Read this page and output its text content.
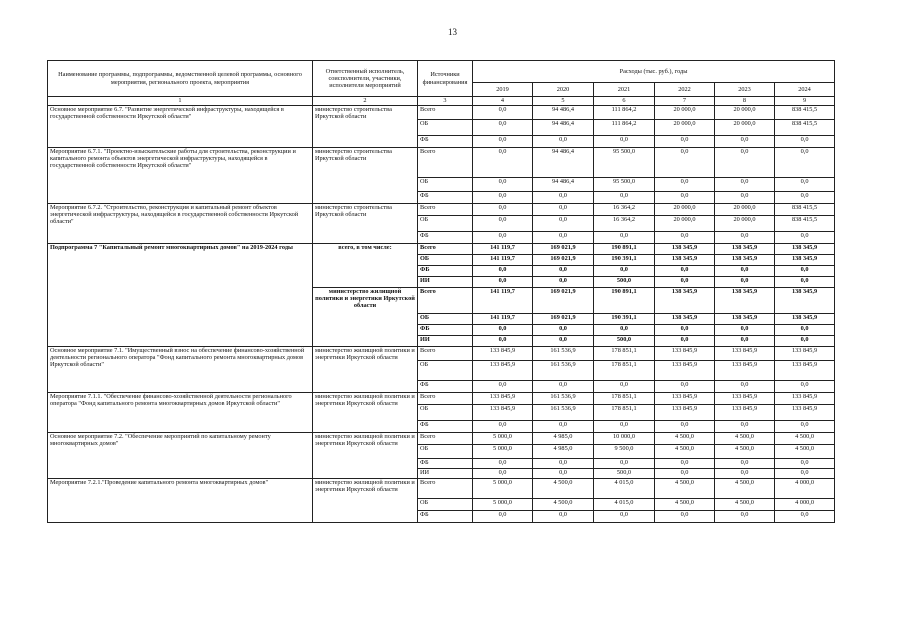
13
Наименование программы, подпрограммы, ведомственной целевой программы, основного мероприятия, регионального проекта, мероприятия	Ответственный исполнитель, соисполнители, участники, исполнители мероприятий	Источники финансирования	Расходы (тыс. руб.), годы					
			2019	2020	2021	2022	2023	2024
1	2	3	4	5	6	7	8	9
Основное мероприятие 6.7. "Развитие энергетической инфраструктуры, находящейся в государственной собственности Иркутской области"	министерство строительства Иркутской области	Всего	0,0	94 486,4	111 864,2	20 000,0	20 000,0	838 415,5
		ОБ	0,0	94 486,4	111 864,2	20 000,0	20 000,0	838 415,5
		ФБ	0,0	0,0	0,0	0,0	0,0	0,0
Мероприятие 6.7.1. "Проектно-изыскательские работы для строительства, реконструкции и капитального ремонта объектов энергетической инфраструктуры, находящейся в государственной собственности Иркутской области"	министерство строительства Иркутской области	Всего	0,0	94 486,4	95 500,0	0,0	0,0	0,0
		ОБ	0,0	94 486,4	95 500,0	0,0	0,0	0,0
		ФБ	0,0	0,0	0,0	0,0	0,0	0,0
Мероприятие 6.7.2. "Строительство, реконструкция и капитальный ремонт объектов энергетической инфраструктуры, находящейся в государственной собственности Иркутской области"	министерство строительства Иркутской области	Всего	0,0	0,0	16 364,2	20 000,0	20 000,0	838 415,5
		ОБ	0,0	0,0	16 364,2	20 000,0	20 000,0	838 415,5
		ФБ	0,0	0,0	0,0	0,0	0,0	0,0
Подпрограмма 7 "Капитальный ремонт многоквартирных домов" на 2019-2024 годы	всего, в том числе:	Всего	141 119,7	169 021,9	190 891,1	138 345,9	138 345,9	138 345,9
		ОБ	141 119,7	169 021,9	190 391,1	138 345,9	138 345,9	138 345,9
		ФБ	0,0	0,0	0,0	0,0	0,0	0,0
		ИИ	0,0	0,0	500,0	0,0	0,0	0,0
	министерство жилищной политики и энергетики Иркутской области	Всего	141 119,7	169 021,9	190 891,1	138 345,9	138 345,9	138 345,9
		ОБ	141 119,7	169 021,9	190 391,1	138 345,9	138 345,9	138 345,9
		ФБ	0,0	0,0	0,0	0,0	0,0	0,0
		ИИ	0,0	0,0	500,0	0,0	0,0	0,0
Основное мероприятие 7.1. "Имущественный взнос на обеспечение финансово-хозяйственной деятельности регионального оператора "Фонд капитального ремонта многоквартирных домов Иркутской области"	министерство жилищной политики и энергетики Иркутской области	Всего	133 845,9	161 536,9	178 851,1	133 845,9	133 845,9	133 845,9
		ОБ	133 845,9	161 536,9	178 851,1	133 845,9	133 845,9	133 845,9
		ФБ	0,0	0,0	0,0	0,0	0,0	0,0
Мероприятие 7.1.1. "Обеспечение финансово-хозяйственной деятельности регионального оператора "Фонд капитального ремонта многоквартирных домов Иркутской области"	министерство жилищной политики и энергетики Иркутской области	Всего	133 845,9	161 536,9	178 851,1	133 845,9	133 845,9	133 845,9
		ОБ	133 845,9	161 536,9	178 851,1	133 845,9	133 845,9	133 845,9
		ФБ	0,0	0,0	0,0	0,0	0,0	0,0
Основное мероприятие 7.2. "Обеспечение мероприятий по капитальному ремонту многоквартирных домов"	министерство жилищной политики и энергетики Иркутской области	Всего	5 000,0	4 985,0	10 000,0	4 500,0	4 500,0	4 500,0
		ОБ	5 000,0	4 985,0	9 500,0	4 500,0	4 500,0	4 500,0
		ФБ	0,0	0,0	0,0	0,0	0,0	0,0
		ИИ	0,0	0,0	500,0	0,0	0,0	0,0
Мероприятие 7.2.1."Проведение капитального ремонта многоквартирных домов"	министерство жилищной политики и энергетики Иркутской области	Всего	5 000,0	4 500,0	4 015,0	4 500,0	4 500,0	4 000,0
		ОБ	5 000,0	4 500,0	4 015,0	4 500,0	4 500,0	4 000,0
		ФБ	0,0	0,0	0,0	0,0	0,0	0,0
